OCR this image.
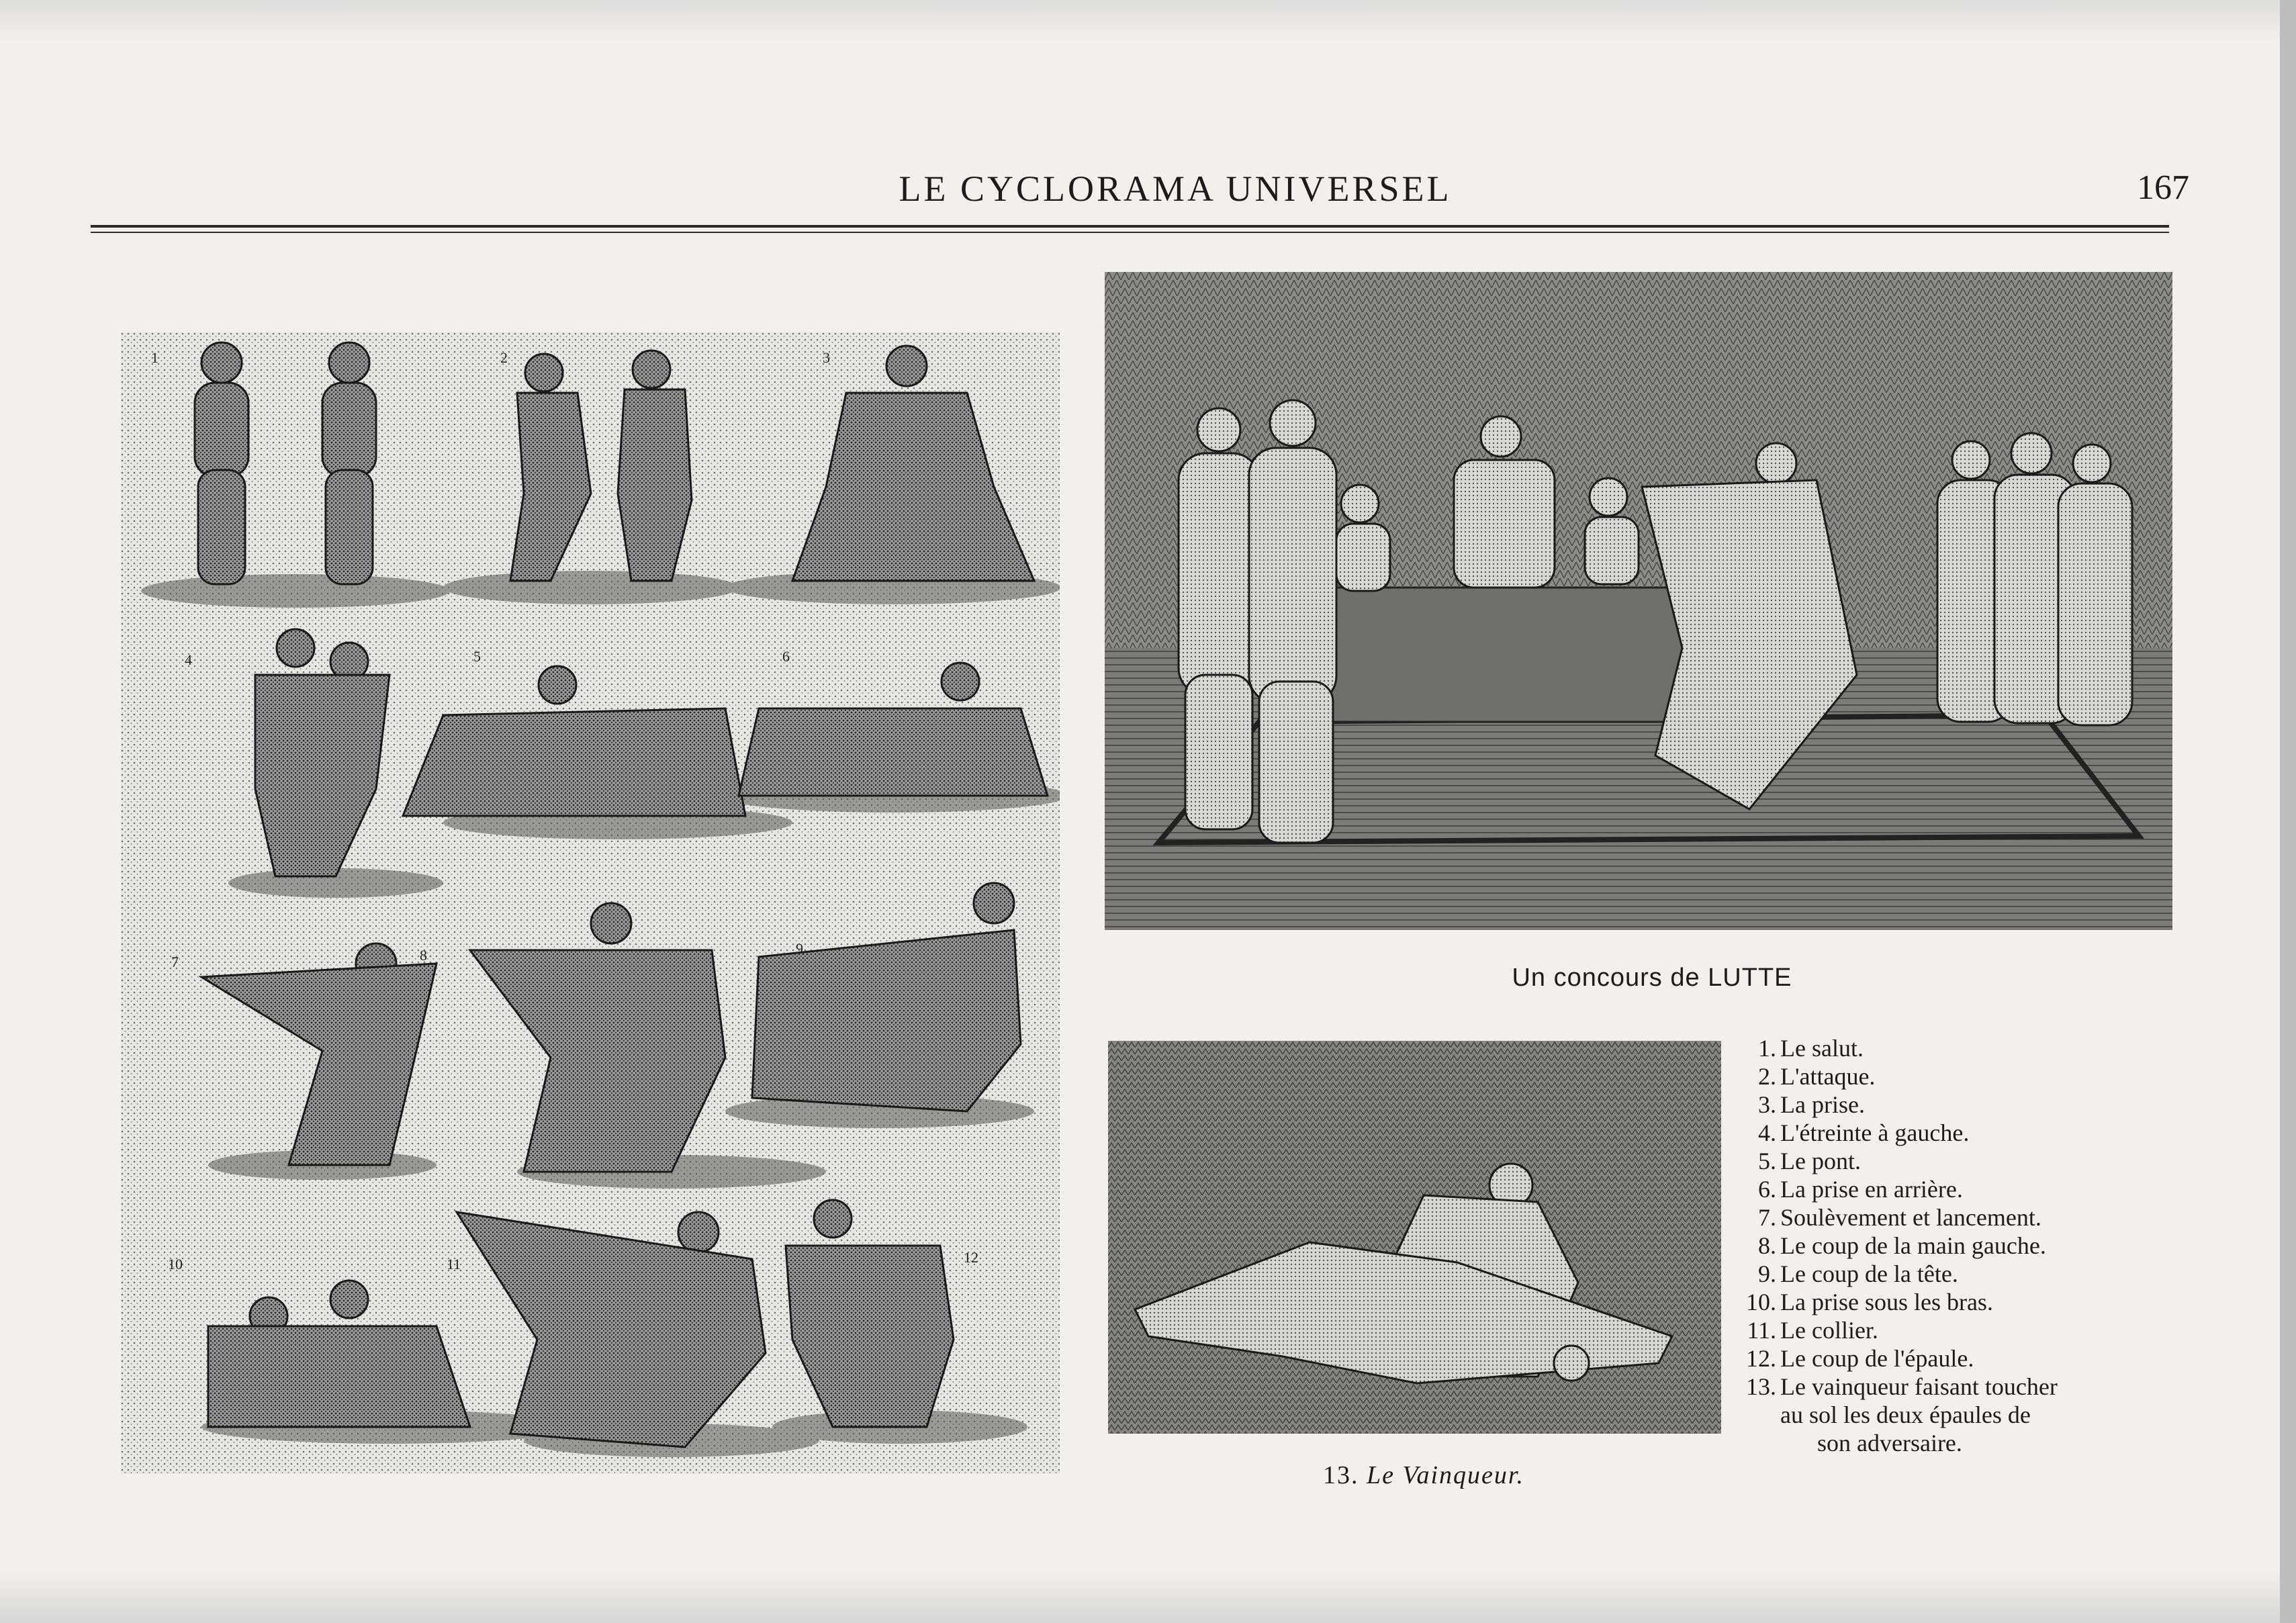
LE CYCLORAMA UNIVERSEL	167
1	2	3
4	5	6
7	8	9
10	11	12
Un concours de LUTTE
13. Le Vainqueur.
1. Le salut.
2. L'attaque.
3. La prise.
4. L'étreinte à gauche.
5. Le pont.
6. La prise en arrière.
7. Soulèvement et lancement.
8. Le coup de la main gauche.
9. Le coup de la tête.
10. La prise sous les bras.
11. Le collier.
12. Le coup de l'épaule.
13. Le vainqueur faisant toucher
au sol les deux épaules de
son adversaire.
